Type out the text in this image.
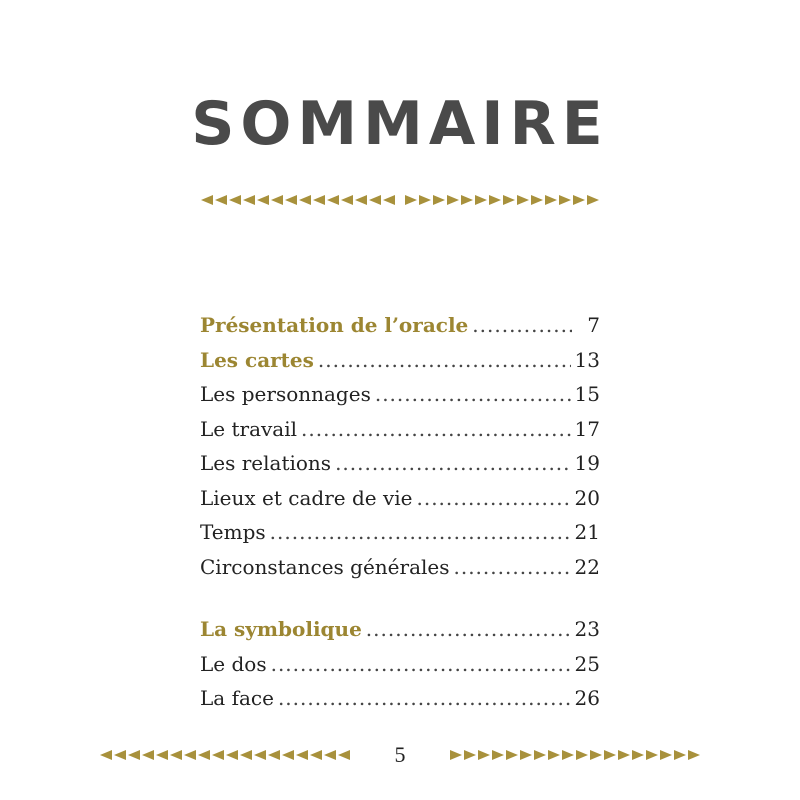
SOMMAIRE
Présentation de l’oracle .....	7
Les cartes .....	13
Les personnages .....	15
Le travail .....	17
Les relations .....	19
Lieux et cadre de vie .....	20
Temps .....	21
Circonstances générales .....	22
La symbolique .....	23
Le dos .....	25
La face .....	26
5
